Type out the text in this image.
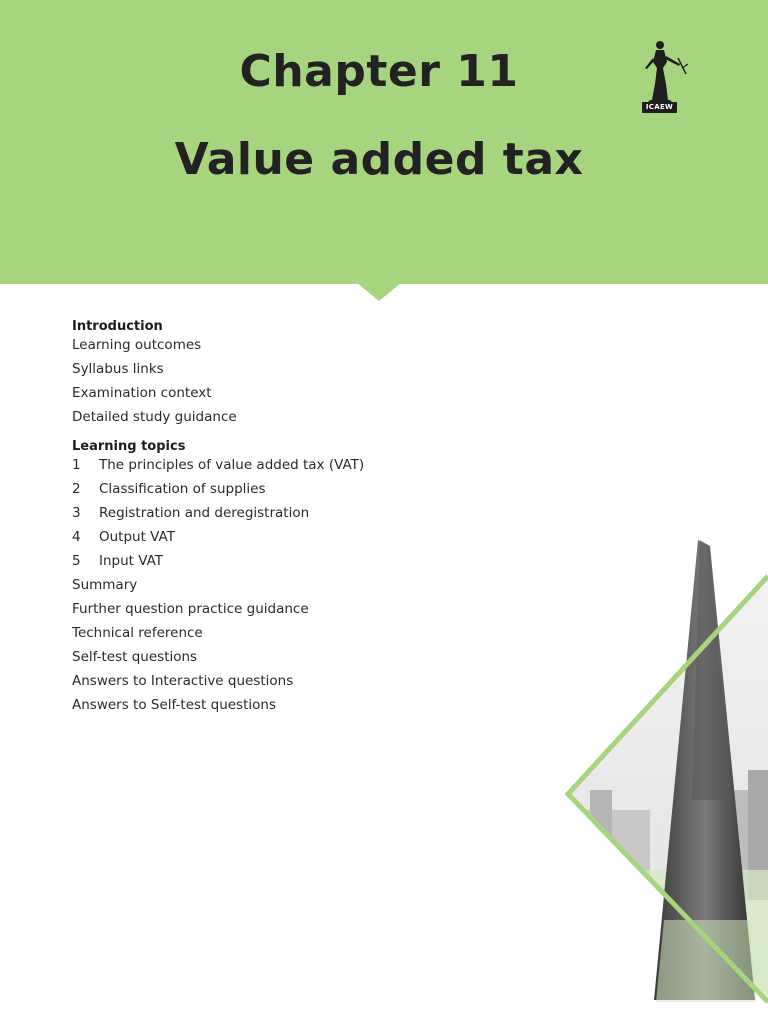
Chapter 11
Value added tax
ICAEW
Introduction
Learning outcomes
Syllabus links
Examination context
Detailed study guidance
Learning topics
1 The principles of value added tax (VAT)
2 Classification of supplies
3 Registration and deregistration
4 Output VAT
5 Input VAT
Summary
Further question practice guidance
Technical reference
Self-test questions
Answers to Interactive questions
Answers to Self-test questions
